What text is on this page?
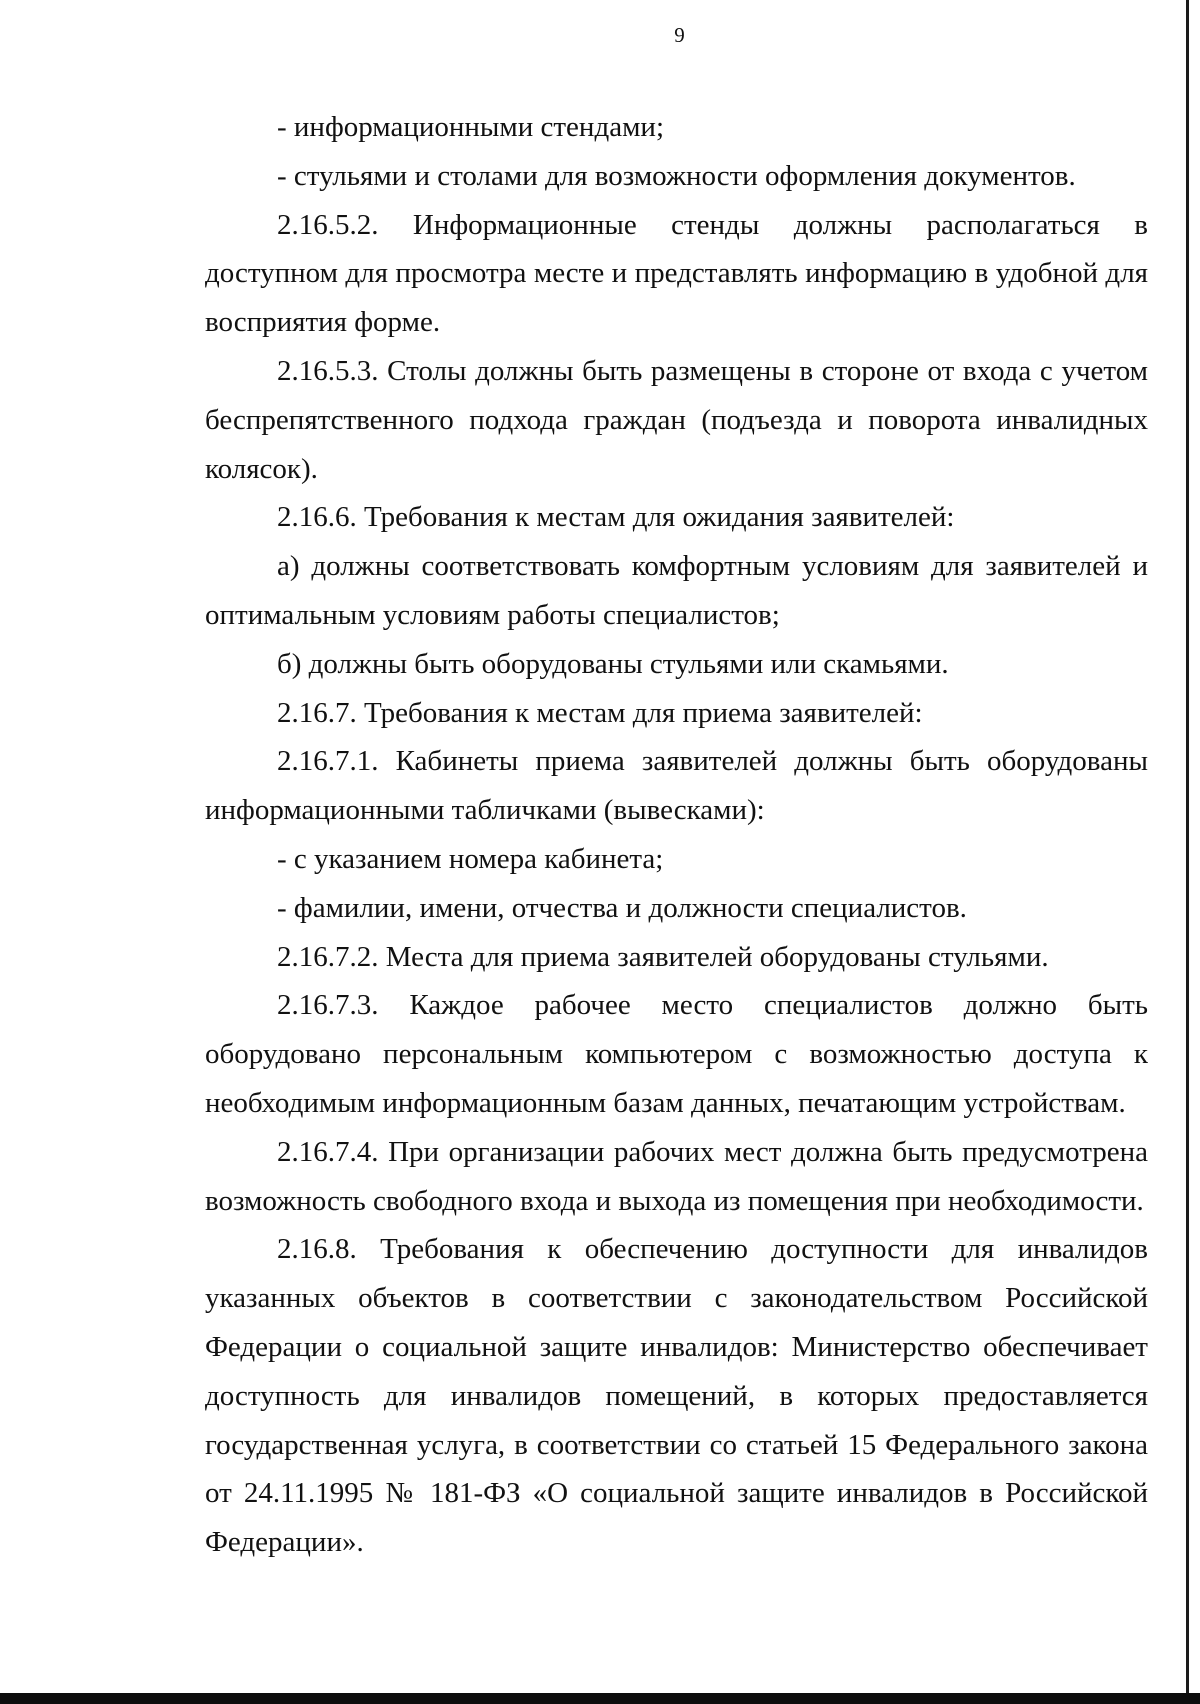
9

- информационными стендами;

- стульями и столами для возможности оформления документов.

2.16.5.2. Информационные стенды должны располагаться в доступном для просмотра месте и представлять информацию в удобной для восприятия форме.

2.16.5.3. Столы должны быть размещены в стороне от входа с учетом беспрепятственного подхода граждан (подъезда и поворота инвалидных колясок).

2.16.6. Требования к местам для ожидания заявителей:

а) должны соответствовать комфортным условиям для заявителей и оптимальным условиям работы специалистов;

б) должны быть оборудованы стульями или скамьями.

2.16.7. Требования к местам для приема заявителей:

2.16.7.1. Кабинеты приема заявителей должны быть оборудованы информационными табличками (вывесками):

- с указанием номера кабинета;

- фамилии, имени, отчества и должности специалистов.

2.16.7.2. Места для приема заявителей оборудованы стульями.

2.16.7.3. Каждое рабочее место специалистов должно быть оборудовано персональным компьютером с возможностью доступа к необходимым информационным базам данных, печатающим устройствам.

2.16.7.4. При организации рабочих мест должна быть предусмотрена возможность свободного входа и выхода из помещения при необходимости.

2.16.8. Требования к обеспечению доступности для инвалидов указанных объектов в соответствии с законодательством Российской Федерации о социальной защите инвалидов: Министерство обеспечивает доступность для инвалидов помещений, в которых предоставляется государственная услуга, в соответствии со статьей 15 Федерального закона от 24.11.1995 № 181-ФЗ «О социальной защите инвалидов в Российской Федерации».
